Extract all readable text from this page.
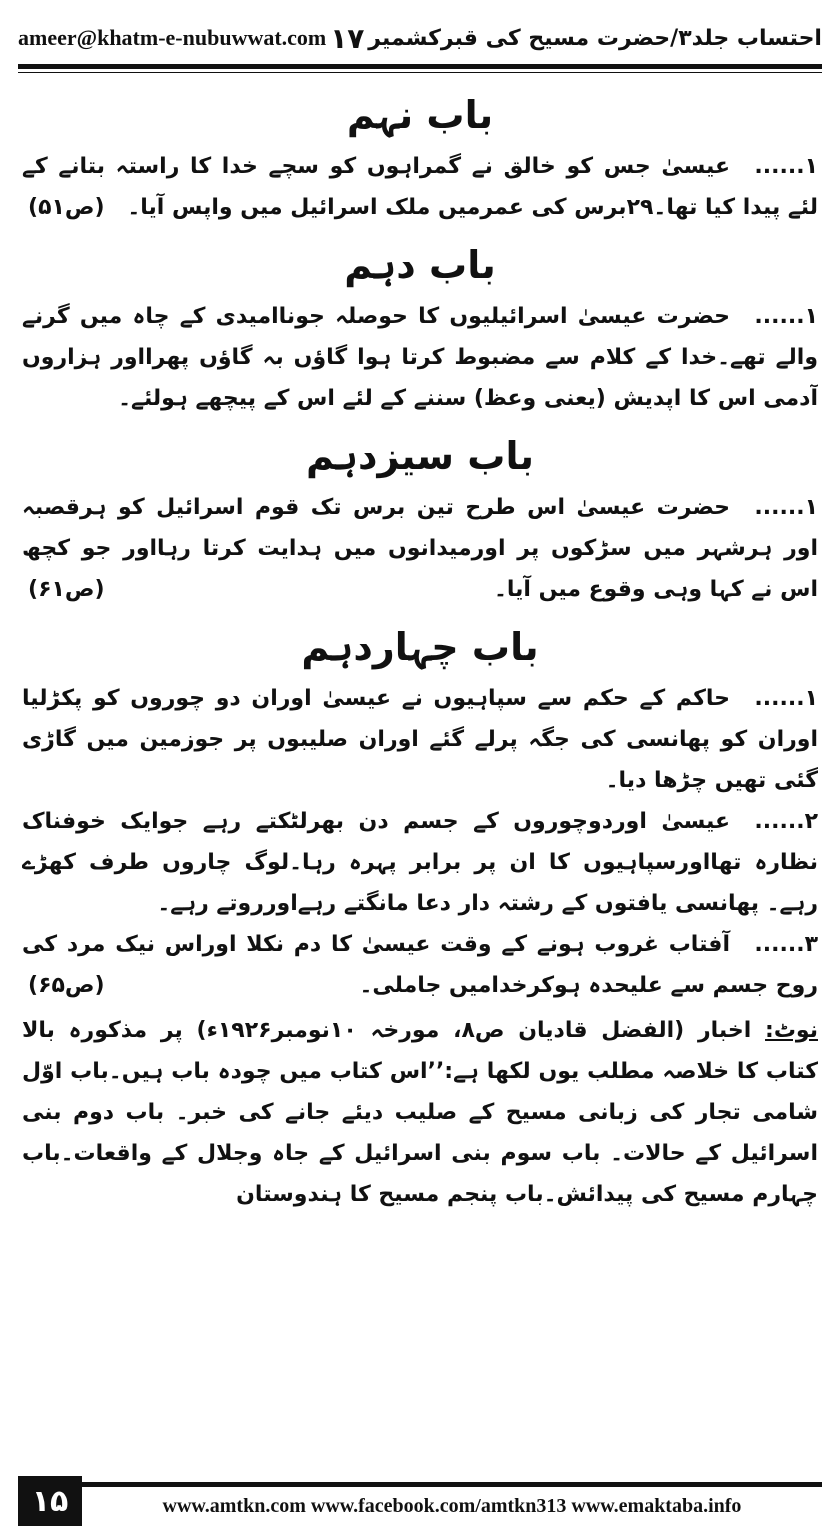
ameer@khatm-e-nubuwwat.com ۱۷ احتساب جلد۳/حضرت مسیح کی قبرکشمیر
باب نہم

۱......عیسیٰ جس کو خالق نے گمراہوں کو سچے خدا کا راستہ بتانے کے لئے پیدا کیا تھا۔۲۹برس کی عمرمیں ملک اسرائیل میں واپس آیا۔
(ص۵۱)

باب دہم

۱......حضرت عیسیٰ اسرائیلیوں کا حوصلہ جوناامیدی کے چاہ میں گرنے والے تھے۔خدا کے کلام سے مضبوط کرتا ہوا گاؤں بہ گاؤں پھرااور ہزاروں آدمی اس کا اپدیش (یعنی وعظ) سننے کے لئے اس کے پیچھے ہولئے۔

باب سیزدہم

۱......حضرت عیسیٰ اس طرح تین برس تک قوم اسرائیل کو ہرقصبہ اور ہرشہر میں سڑکوں پر اورمیدانوں میں ہدایت کرتا رہااور جو کچھ اس نے کہا وہی وقوع میں آیا۔
(ص۶۱)

باب چہاردہم

۱......حاکم کے حکم سے سپاہیوں نے عیسیٰ اوران دو چوروں کو پکڑلیا اوران کو پھانسی کی جگہ پرلے گئے اوران صلیبوں پر جوزمین میں گاڑی گئی تھیں چڑھا دیا۔

۲......عیسیٰ اوردوچوروں کے جسم دن بھرلٹکتے رہے جوایک خوفناک نظارہ تھااورسپاہیوں کا ان پر برابر پہرہ رہا۔لوگ چاروں طرف کھڑے رہے۔ پھانسی یافتوں کے رشتہ دار دعا مانگتے رہےاورروتے رہے۔

۳......آفتاب غروب ہونے کے وقت عیسیٰ کا دم نکلا اوراس نیک مرد کی روح جسم سے علیحدہ ہوکرخدامیں جاملی۔
(ص۶۵)

نوٹ: اخبار (الفضل قادیان ص۸، مورخہ ۱۰نومبر۱۹۲۶ء) پر مذکورہ بالا کتاب کا خلاصہ مطلب یوں لکھا ہے:’’اس کتاب میں چودہ باب ہیں۔باب اوّل شامی تجار کی زبانی مسیح کے صلیب دیئے جانے کی خبر۔ باب دوم بنی اسرائیل کے حالات۔ باب سوم بنی اسرائیل کے جاہ وجلال کے واقعات۔باب چہارم مسیح کی پیدائش۔باب پنجم مسیح کا ہندوستان
۱۵	www.amtkn.com www.facebook.com/amtkn313 www.emaktaba.info
